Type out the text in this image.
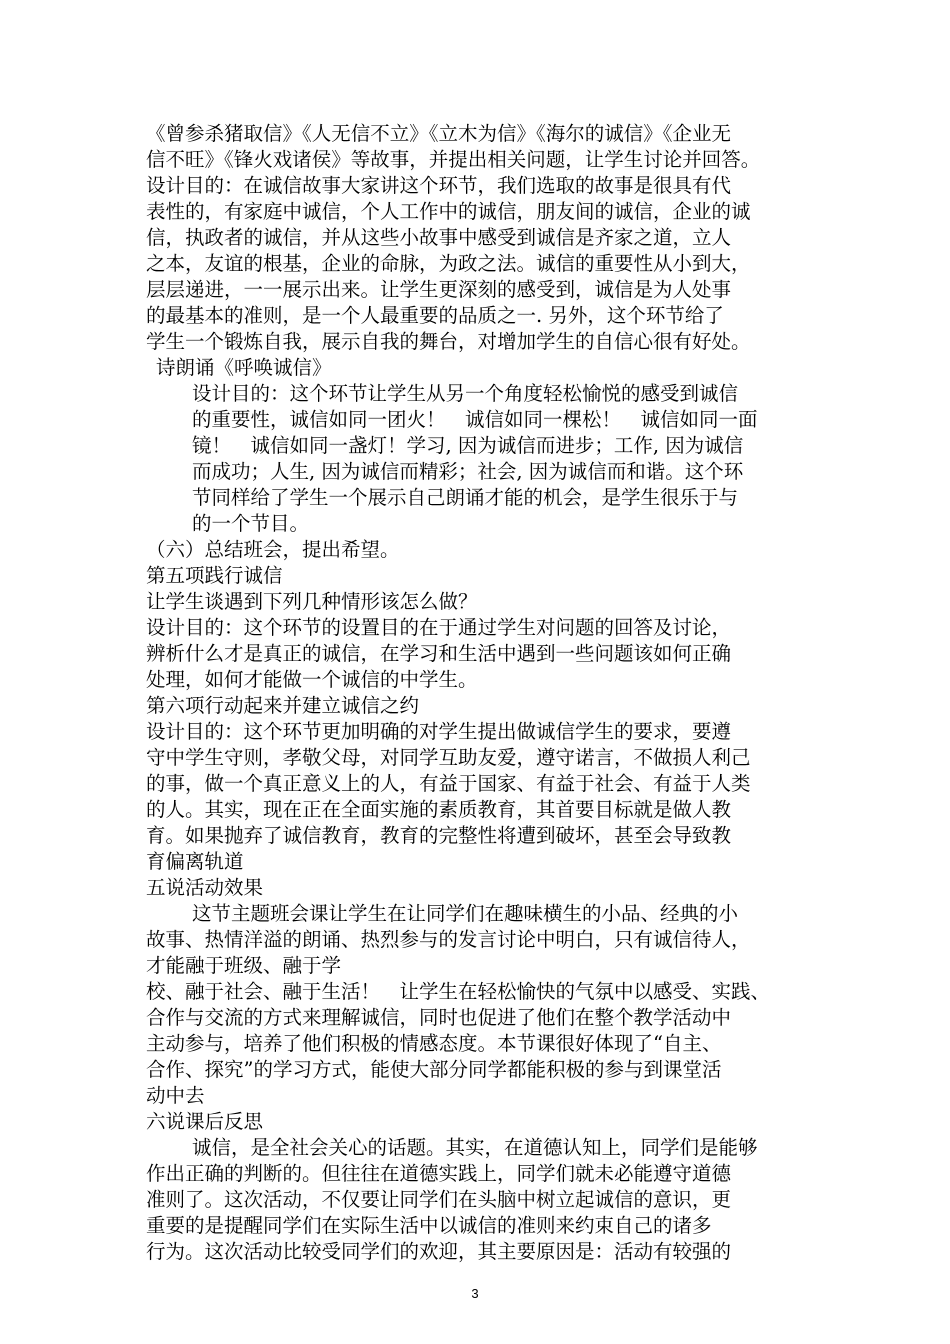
《曾参杀猪取信》《人无信不立》《立木为信》《海尔的诚信》《企业无
信不旺》《锋火戏诸侯》等故事，并提出相关问题，让学生讨论并回答。
设计目的：在诚信故事大家讲这个环节，我们选取的故事是很具有代
表性的，有家庭中诚信，个人工作中的诚信，朋友间的诚信，企业的诚
信，执政者的诚信，并从这些小故事中感受到诚信是齐家之道，立人
之本，友谊的根基，企业的命脉，为政之法。诚信的重要性从小到大，
层层递进，一一展示出来。让学生更深刻的感受到，诚信是为人处事
的最基本的准则，是一个人最重要的品质之一. 另外，这个环节给了
学生一个锻炼自我，展示自我的舞台，对增加学生的自信心很有好处。
诗朗诵《呼唤诚信》
设计目的：这个环节让学生从另一个角度轻松愉悦的感受到诚信
的重要性，诚信如同一团火！　诚信如同一棵松！　诚信如同一面
镜！　诚信如同一盏灯！学习, 因为诚信而进步；工作, 因为诚信
而成功；人生, 因为诚信而精彩；社会, 因为诚信而和谐。这个环
节同样给了学生一个展示自己朗诵才能的机会，是学生很乐于与
的一个节目。
（六）总结班会，提出希望。
第五项践行诚信
让学生谈遇到下列几种情形该怎么做？
设计目的：这个环节的设置目的在于通过学生对问题的回答及讨论，
辨析什么才是真正的诚信，在学习和生活中遇到一些问题该如何正确
处理，如何才能做一个诚信的中学生。
第六项行动起来并建立诚信之约
设计目的：这个环节更加明确的对学生提出做诚信学生的要求，要遵
守中学生守则，孝敬父母，对同学互助友爱，遵守诺言，不做损人利己
的事，做一个真正意义上的人，有益于国家、有益于社会、有益于人类
的人。其实，现在正在全面实施的素质教育，其首要目标就是做人教
育。如果抛弃了诚信教育，教育的完整性将遭到破坏，甚至会导致教
育偏离轨道
五说活动效果
这节主题班会课让学生在让同学们在趣味横生的小品、经典的小
故事、热情洋溢的朗诵、热烈参与的发言讨论中明白，只有诚信待人，
才能融于班级、融于学
校、融于社会、融于生活！　让学生在轻松愉快的气氛中以感受、实践、
合作与交流的方式来理解诚信，同时也促进了他们在整个教学活动中
主动参与，培养了他们积极的情感态度。本节课很好体现了“自主、
合作、探究”的学习方式，能使大部分同学都能积极的参与到课堂活
动中去
六说课后反思
诚信，是全社会关心的话题。其实，在道德认知上，同学们是能够
作出正确的判断的。但往往在道德实践上，同学们就未必能遵守道德
准则了。这次活动，不仅要让同学们在头脑中树立起诚信的意识，更
重要的是提醒同学们在实际生活中以诚信的准则来约束自己的诸多
行为。这次活动比较受同学们的欢迎，其主要原因是：活动有较强的
3
